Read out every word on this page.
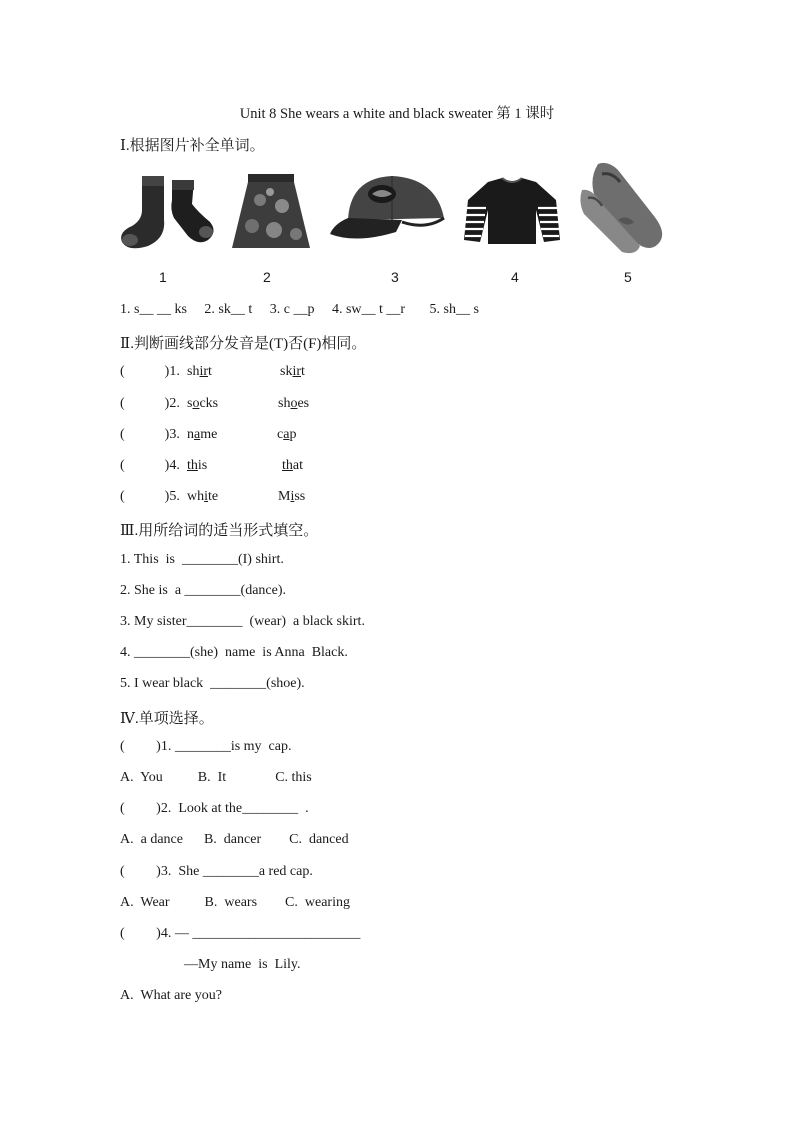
Unit 8 She wears a white and black sweater 第 1 课时
Ⅰ.根据图片补全单词。
1	2	3	4	5
1. s__ __ ks     2. sk__ t     3. c __p     4. sw__ t __r       5. sh__ s
Ⅱ.判断画线部分发音是(T)否(F)相同。
(	)1. shirt	skirt
(	)2. socks	shoes
(	)3. name	cap
(	)4. this	that
(	)5. white	Miss
Ⅲ.用所给词的适当形式填空。
1. This  is  ________(I) shirt.
2. She is  a ________(dance).
3. My sister________  (wear)  a black skirt.
4. ________(she)  name  is Anna  Black.
5. I wear black  ________(shoe).
Ⅳ.单项选择。
(         )1. ________is my  cap.
A.  You          B.  It              C. this
(         )2.  Look at the________  .
A.  a dance      B.  dancer        C.  danced
(         )3.  She ________a red cap.
A.  Wear          B.  wears        C.  wearing
(         )4. — ________________________
—My name  is  Lily.
A.  What are you?
